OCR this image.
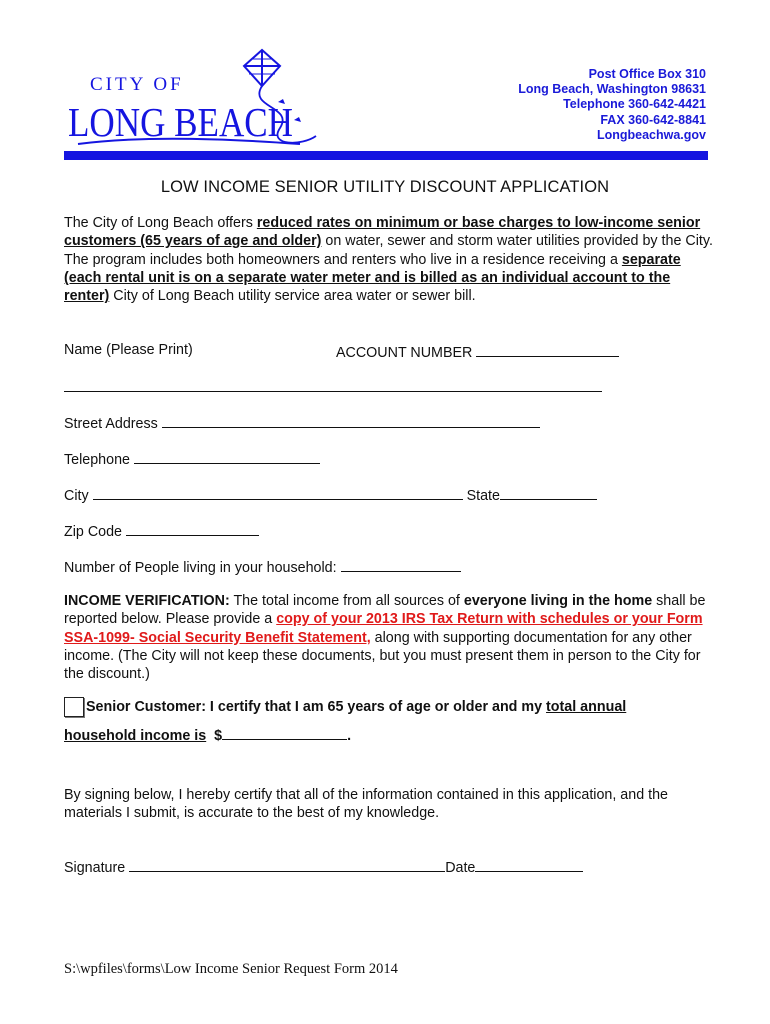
CITY OF
LONG BEACH
Post Office Box 310
Long Beach, Washington 98631
Telephone 360-642-4421
FAX 360-642-8841
Longbeachwa.gov
LOW INCOME SENIOR UTILITY DISCOUNT APPLICATION
The City of Long Beach offers reduced rates on minimum or base charges to low-income senior customers (65 years of age and older) on water, sewer and storm water utilities provided by the City. The program includes both homeowners and renters who live in a residence receiving a separate (each rental unit is on a separate water meter and is billed as an individual account to the renter) City of Long Beach utility service area water or sewer bill.
Name (Please Print)	ACCOUNT NUMBER
Street Address
Telephone
City	State
Zip Code
Number of People living in your household:
INCOME VERIFICATION: The total income from all sources of everyone living in the home shall be reported below. Please provide a copy of your 2013 IRS Tax Return with schedules or your Form SSA-1099- Social Security Benefit Statement, along with supporting documentation for any other income. (The City will not keep these documents, but you must present them in person to the City for the discount.)
Senior Customer: I certify that I am 65 years of age or older and my total annual
household income is  $	.
By signing below, I hereby certify that all of the information contained in this application, and the materials I submit, is accurate to the best of my knowledge.
Signature	Date
S:\wpfiles\forms\Low Income Senior Request Form 2014
